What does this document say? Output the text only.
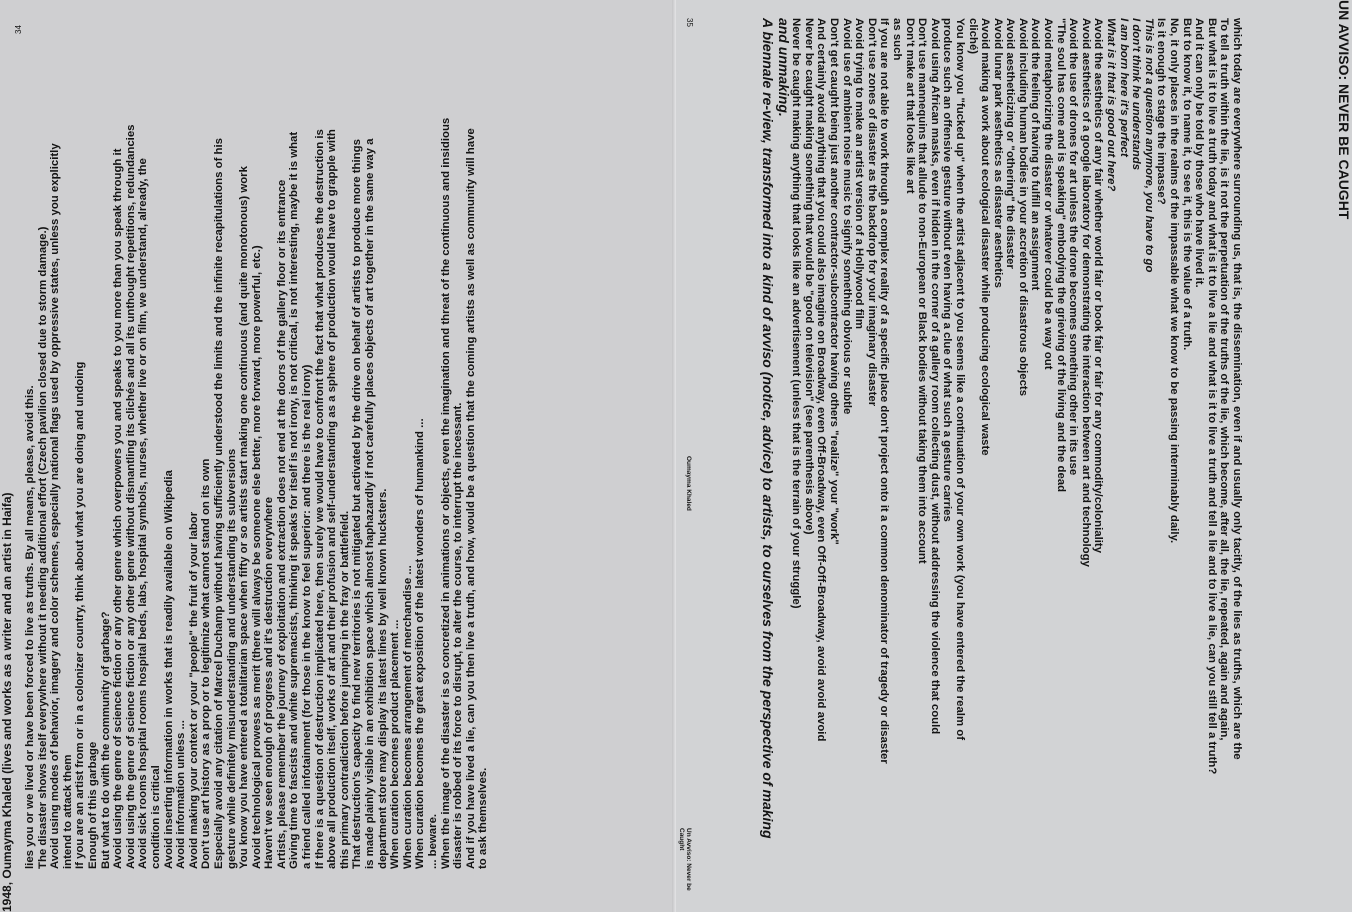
34
lies you or we lived or have been forced to live as truths. By all means, please, avoid this. The disaster shows itself everywhere without it needing additional effort (Czech pavilion closed due to storm damage.) Avoid using modes of behavior, imagery and color schemes, especially national flags used by oppressive states, unless you explicitly intend to attack them If you are an artist from or in a colonizer country, think about what you are doing and undoing Enough of this garbage But what to do with the community of garbage? Avoid using the genre of science fiction or any other genre which overpowers you and speaks to you more than you speak through it Avoid using the genre of science fiction or any other genre without dismantling its clichés and all its unthought repetitions, redundancies Avoid sick rooms hospital rooms hospital beds, labs, hospital symbols, nurses, whether live or on film, we understand, already, the condition is critical Avoid inserting information in works that is readily available on Wikipedia Avoid information unless ... Avoid making your context or your "people" the fruit of your labor Don't use art history as a prop or to legitimize what cannot stand on its own Especially avoid any citation of Marcel Duchamp without having sufficiently understood the limits and the infinite recapitulations of his gesture while definitely misunderstanding and understanding its subversions You know you have entered a totalitarian space when fifty or so artists start making one continuous (and quite monotonous) work Avoid technological prowess as merit (there will always be someone else better, more forward, more powerful, etc.) Haven't we seen enough of progress and it's destruction everywhere Artists, please remember the journey of exploitation and extraction does not end at the doors of the gallery floor or its entrance Giving time to fascists and white supremacists, thinking it speaks for itself is not irony, is not critical, is not interesting, maybe it is what a friend called infotainment (for those in the know to feel superior: and there is the real irony) If there is a question of destruction implicated here, then surely we would have to confront the fact that what produces the destruction is above all production itself, works of art and their profusion and self-understanding as a sphere of production would have to grapple with this primary contradiction before jumping in the fray or battlefield. That destruction's capacity to find new territories is not mitigated but activated by the drive on behalf of artists to produce more things is made plainly visible in an exhibition space which almost haphazardly if not carefully places objects of art together in the same way a department store may display its latest lines by well known hucksters. When curation becomes product placement ... When curation becomes arrangement of merchandise ... When curation becomes the great exposition of the latest wonders of humankind ... ... beware. When the image of the disaster is so concretized in animations or objects, even the imagination and threat of the continuous and insidious disaster is robbed of its force to disrupt, to alter the course, to interrupt the incessant. And if you have lived a lie, can you then live a truth, and how, would be a question that the coming artists as well as community will have to ask themselves.
1948, Oumayma Khaled (lives and works as a writer and an artist in Haifa)
35
Oumayma Khaled
Un Avviso: Never be Caught
UN AVVISO: NEVER BE CAUGHT
and unmaking.
A biennale re-view, transformed into a kind of avviso (notice, advice) to artists, to ourselves from the perspective of making	which today are everywhere surrounding us, that is, the dissemination, even if and usually only tacitly, of the lies as truths, which are the
To tell a truth within the lie, is it not the perpetuation of the truths of the lie, which become, after all, the lie, repeated, again and again,
But what is it to live a truth today and what is it to live a lie and what is it to live a truth and tell a lie and to live a lie, can you still tell a truth?
And it can only be told by those who have lived it.
But to know it, to name it, to see it, this is the value of a truth.
No, it only places in the realms of the impassable what we know to be passing interminably daily.
Is it enough to stage the impasse?
This is not a question anymore, you have to go
I don't think he understands
I am born here it's perfect
What is it that is good out here?
Avoid the aesthetics of any fair whether world fair or book fair or fair for any commodity/coloniality
Avoid aesthetics of a google laboratory for demonstrating the interaction between art and technology
Avoid the use of drones for art unless the drone becomes something other in its use
"The soul has come and is speaking" embodying the grieving of the living and the dead
Avoid metaphorizing the disaster or whatever could be a way out
Avoid the feeling of having to fulfill an assignment
Avoid including human bodies in your accretion of disastrous objects
Avoid aestheticizing or "othering" the disaster
Avoid lunar park aesthetics as disaster aesthetics
Avoid making a work about ecological disaster while producing ecological waste
cliché)
You know you "fucked up" when the artist adjacent to you seems like a continuation of your own work (you have entered the realm of
produce such an offensive gesture without even having a clue of what such a gesture carries
Avoid using African masks, even if hidden in the corner of a gallery room collecting dust, without addressing the violence that could
Don't use mannequins that allude to non-European or Black bodies without taking them into account
Don't make art that looks like art
as such
If you are not able to work through a complex reality of a specific place don't project onto it a common denominator of tragedy or disaster
Don't use zones of disaster as the backdrop for your imaginary disaster
Avoid trying to make an artist version of a Hollywood film
Avoid use of ambient noise music to signify something obvious or subtle
Don't get caught being just another contractor-subcontractor having others "realize" your "work"
And certainly avoid anything that you could also imagine on Broadway, even Off-Broadway, even Off-Off-Broadway, avoid avoid avoid
Never be caught making something that would be "good on television" (see parenthesis above)
Never be caught making anything that looks like an advertisement (unless that is the terrain of your struggle)
